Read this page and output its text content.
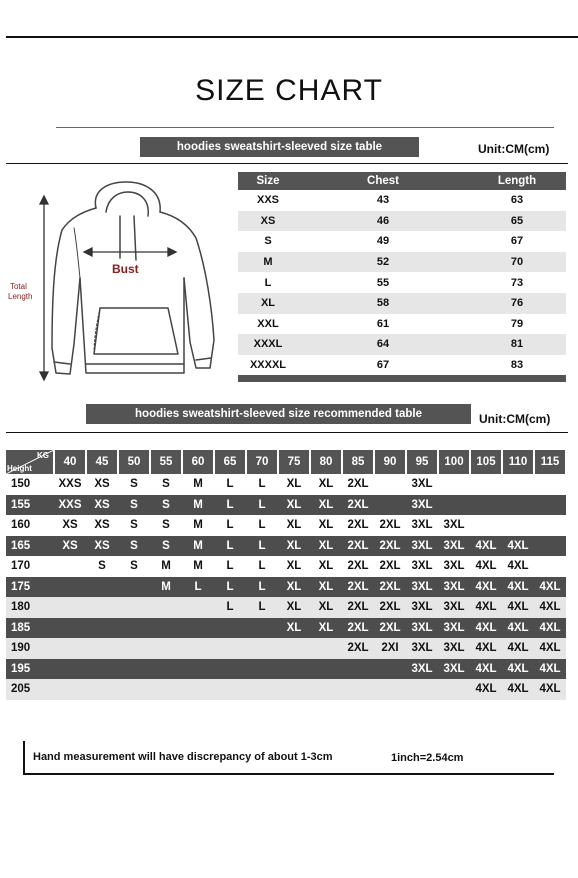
SIZE CHART
hoodies sweatshirt-sleeved size table	Unit:CM(cm)
Bust
Total
Length
Size	Chest	Length
XXS	43	63
XS	46	65
S	49	67
M	52	70
L	55	73
XL	58	76
XXL	61	79
XXXL	64	81
XXXXL	67	83

hoodies sweatshirt-sleeved size recommended table	Unit:CM(cm)
KG
Height	40	45	50	55	60	65	70	75	80	85	90	95	100	105	110	115
150	XXS	XS	S	S	M	L	L	XL	XL	2XL		3XL				
155	XXS	XS	S	S	M	L	L	XL	XL	2XL		3XL				
160	XS	XS	S	S	M	L	L	XL	XL	2XL	2XL	3XL	3XL			
165	XS	XS	S	S	M	L	L	XL	XL	2XL	2XL	3XL	3XL	4XL	4XL	
170		S	S	M	M	L	L	XL	XL	2XL	2XL	3XL	3XL	4XL	4XL	
175				M	L	L	L	XL	XL	2XL	2XL	3XL	3XL	4XL	4XL	4XL
180						L	L	XL	XL	2XL	2XL	3XL	3XL	4XL	4XL	4XL
185								XL	XL	2XL	2XL	3XL	3XL	4XL	4XL	4XL
190										2XL	2XI	3XL	3XL	4XL	4XL	4XL
195												3XL	3XL	4XL	4XL	4XL
205														4XL	4XL	4XL
Hand measurement will have discrepancy of about 1-3cm	1inch=2.54cm
